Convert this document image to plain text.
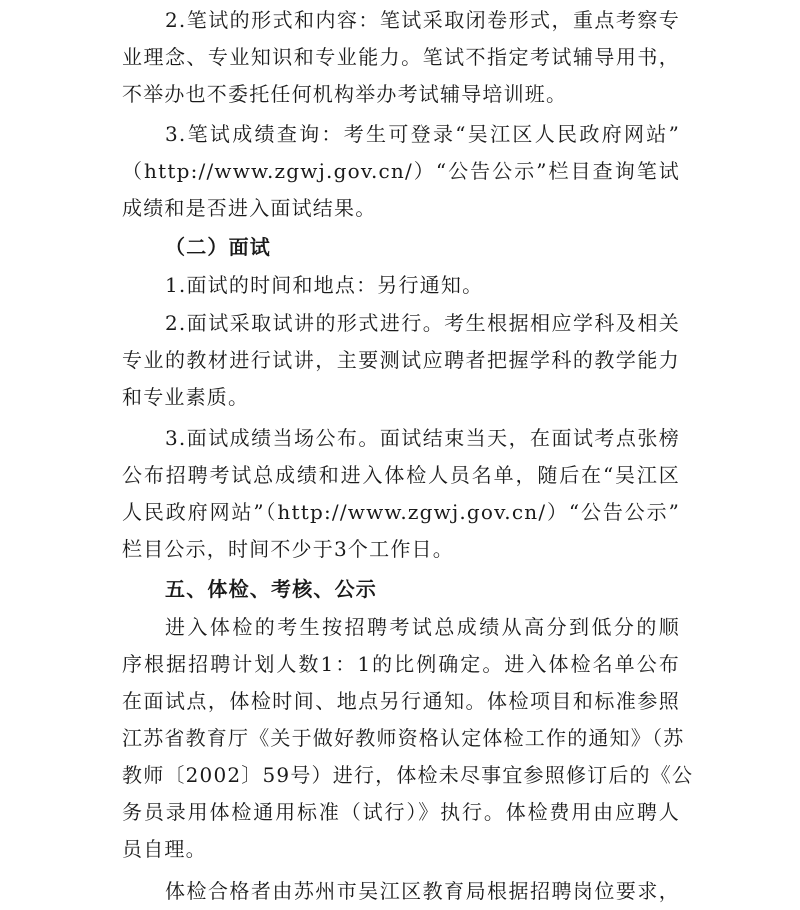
2.笔试的形式和内容：笔试采取闭卷形式，重点考察专
业理念、专业知识和专业能力。笔试不指定考试辅导用书，
不举办也不委托任何机构举办考试辅导培训班。
3.笔试成绩查询：考生可登录“吴江区人民政府网站”
（http://www.zgwj.gov.cn/）“公告公示”栏目查询笔试
成绩和是否进入面试结果。
（二）面试
1.面试的时间和地点：另行通知。
2.面试采取试讲的形式进行。考生根据相应学科及相关
专业的教材进行试讲，主要测试应聘者把握学科的教学能力
和专业素质。
3.面试成绩当场公布。面试结束当天，在面试考点张榜
公布招聘考试总成绩和进入体检人员名单，随后在“吴江区
人民政府网站”（http://www.zgwj.gov.cn/）“公告公示”
栏目公示，时间不少于3个工作日。
五、体检、考核、公示
进入体检的考生按招聘考试总成绩从高分到低分的顺
序根据招聘计划人数1：1的比例确定。进入体检名单公布
在面试点，体检时间、地点另行通知。体检项目和标准参照
江苏省教育厅《关于做好教师资格认定体检工作的通知》（苏
教师〔2002〕59号）进行，体检未尽事宜参照修订后的《公
务员录用体检通用标准（试行）》执行。体检费用由应聘人
员自理。
体检合格者由苏州市吴江区教育局根据招聘岗位要求，
